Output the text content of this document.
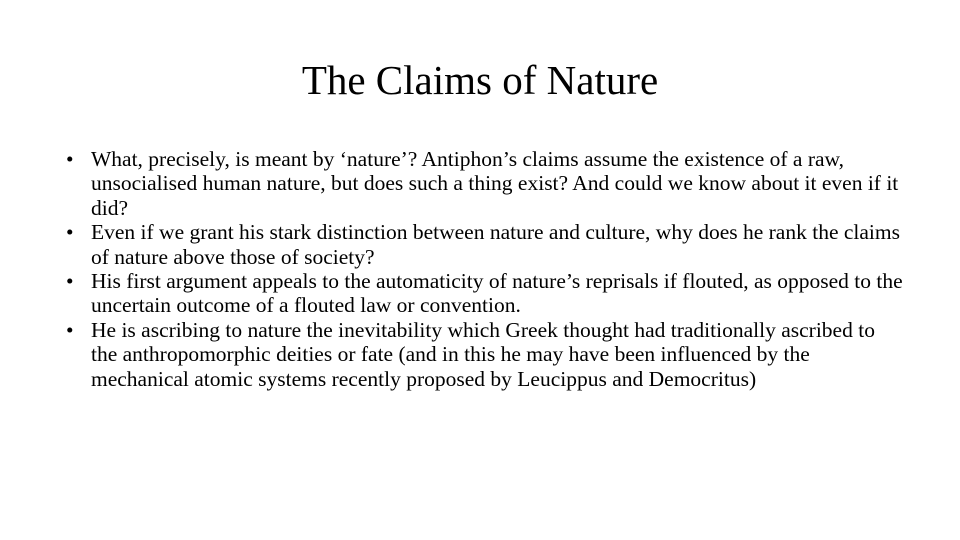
The Claims of Nature
• What, precisely, is meant by ‘nature’? Antiphon’s claims assume the existence of a raw, unsocialised human nature, but does such a thing exist? And could we know about it even if it did?
• Even if we grant his stark distinction between nature and culture, why does he rank the claims of nature above those of society?
• His first argument appeals to the automaticity of nature’s reprisals if flouted, as opposed to the uncertain outcome of a flouted law or convention.
• He is ascribing to nature the inevitability which Greek thought had traditionally ascribed to the anthropomorphic deities or fate (and in this he may have been influenced by the mechanical atomic systems recently proposed by Leucippus and Democritus)
